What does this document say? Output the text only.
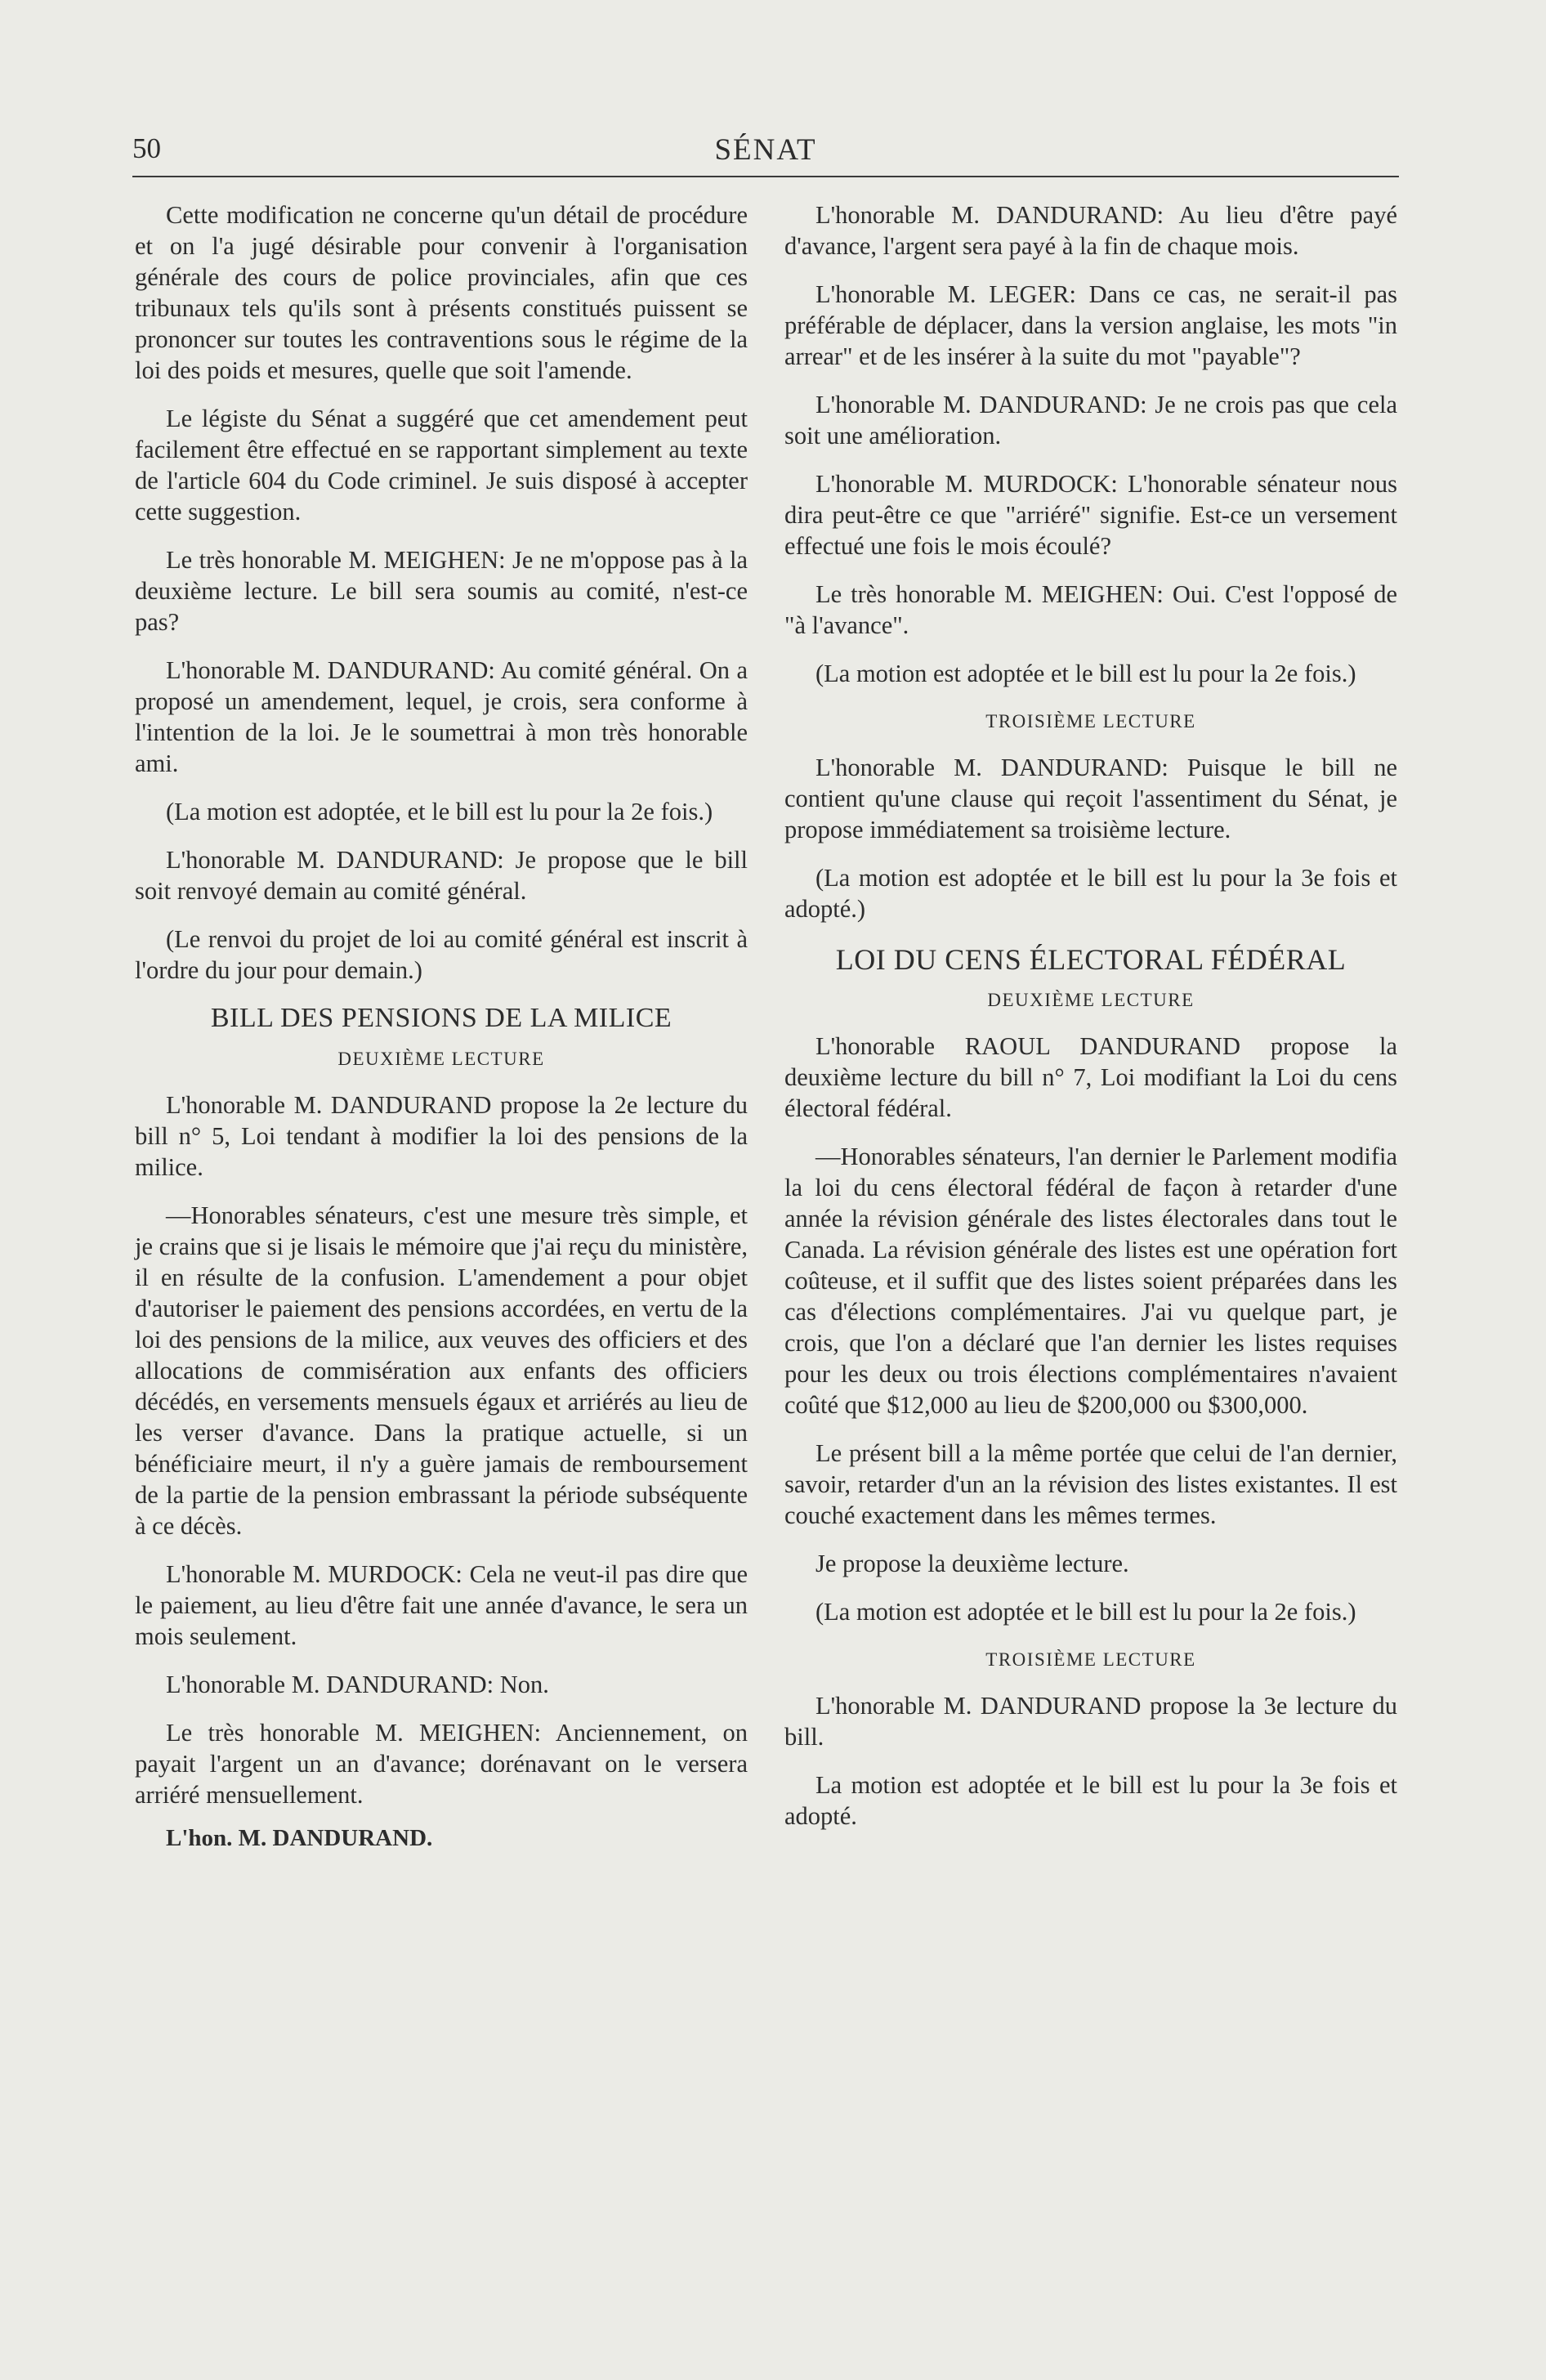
50	SÉNAT

Cette modification ne concerne qu'un détail de procédure et on l'a jugé désirable pour convenir à l'organisation générale des cours de police provinciales, afin que ces tribunaux tels qu'ils sont à présents constitués puissent se prononcer sur toutes les contraventions sous le régime de la loi des poids et mesures, quelle que soit l'amende.

Le légiste du Sénat a suggéré que cet amendement peut facilement être effectué en se rapportant simplement au texte de l'article 604 du Code criminel. Je suis disposé à accepter cette suggestion.

Le très honorable M. MEIGHEN: Je ne m'oppose pas à la deuxième lecture. Le bill sera soumis au comité, n'est-ce pas?

L'honorable M. DANDURAND: Au comité général. On a proposé un amendement, lequel, je crois, sera conforme à l'intention de la loi. Je le soumettrai à mon très honorable ami.

(La motion est adoptée, et le bill est lu pour la 2e fois.)

L'honorable M. DANDURAND: Je propose que le bill soit renvoyé demain au comité général.

(Le renvoi du projet de loi au comité général est inscrit à l'ordre du jour pour demain.)

BILL DES PENSIONS DE LA MILICE

DEUXIÈME LECTURE

L'honorable M. DANDURAND propose la 2e lecture du bill n° 5, Loi tendant à modifier la loi des pensions de la milice.

—Honorables sénateurs, c'est une mesure très simple, et je crains que si je lisais le mémoire que j'ai reçu du ministère, il en résulte de la confusion. L'amendement a pour objet d'autoriser le paiement des pensions accordées, en vertu de la loi des pensions de la milice, aux veuves des officiers et des allocations de commisération aux enfants des officiers décédés, en versements mensuels égaux et arriérés au lieu de les verser d'avance. Dans la pratique actuelle, si un bénéficiaire meurt, il n'y a guère jamais de remboursement de la partie de la pension embrassant la période subséquente à ce décès.

L'honorable M. MURDOCK: Cela ne veut-il pas dire que le paiement, au lieu d'être fait une année d'avance, le sera un mois seulement.

L'honorable M. DANDURAND: Non.

Le très honorable M. MEIGHEN: Anciennement, on payait l'argent un an d'avance; dorénavant on le versera arriéré mensuellement.

L'hon. M. DANDURAND.

L'honorable M. DANDURAND: Au lieu d'être payé d'avance, l'argent sera payé à la fin de chaque mois.

L'honorable M. LEGER: Dans ce cas, ne serait-il pas préférable de déplacer, dans la version anglaise, les mots "in arrear" et de les insérer à la suite du mot "payable"?

L'honorable M. DANDURAND: Je ne crois pas que cela soit une amélioration.

L'honorable M. MURDOCK: L'honorable sénateur nous dira peut-être ce que "arriéré" signifie. Est-ce un versement effectué une fois le mois écoulé?

Le très honorable M. MEIGHEN: Oui. C'est l'opposé de "à l'avance".

(La motion est adoptée et le bill est lu pour la 2e fois.)

TROISIÈME LECTURE

L'honorable M. DANDURAND: Puisque le bill ne contient qu'une clause qui reçoit l'assentiment du Sénat, je propose immédiatement sa troisième lecture.

(La motion est adoptée et le bill est lu pour la 3e fois et adopté.)

LOI DU CENS ÉLECTORAL FÉDÉRAL

DEUXIÈME LECTURE

L'honorable RAOUL DANDURAND propose la deuxième lecture du bill n° 7, Loi modifiant la Loi du cens électoral fédéral.

—Honorables sénateurs, l'an dernier le Parlement modifia la loi du cens électoral fédéral de façon à retarder d'une année la révision générale des listes électorales dans tout le Canada. La révision générale des listes est une opération fort coûteuse, et il suffit que des listes soient préparées dans les cas d'élections complémentaires. J'ai vu quelque part, je crois, que l'on a déclaré que l'an dernier les listes requises pour les deux ou trois élections complémentaires n'avaient coûté que $12,000 au lieu de $200,000 ou $300,000.

Le présent bill a la même portée que celui de l'an dernier, savoir, retarder d'un an la révision des listes existantes. Il est couché exactement dans les mêmes termes.

Je propose la deuxième lecture.

(La motion est adoptée et le bill est lu pour la 2e fois.)

TROISIÈME LECTURE

L'honorable M. DANDURAND propose la 3e lecture du bill.

La motion est adoptée et le bill est lu pour la 3e fois et adopté.
